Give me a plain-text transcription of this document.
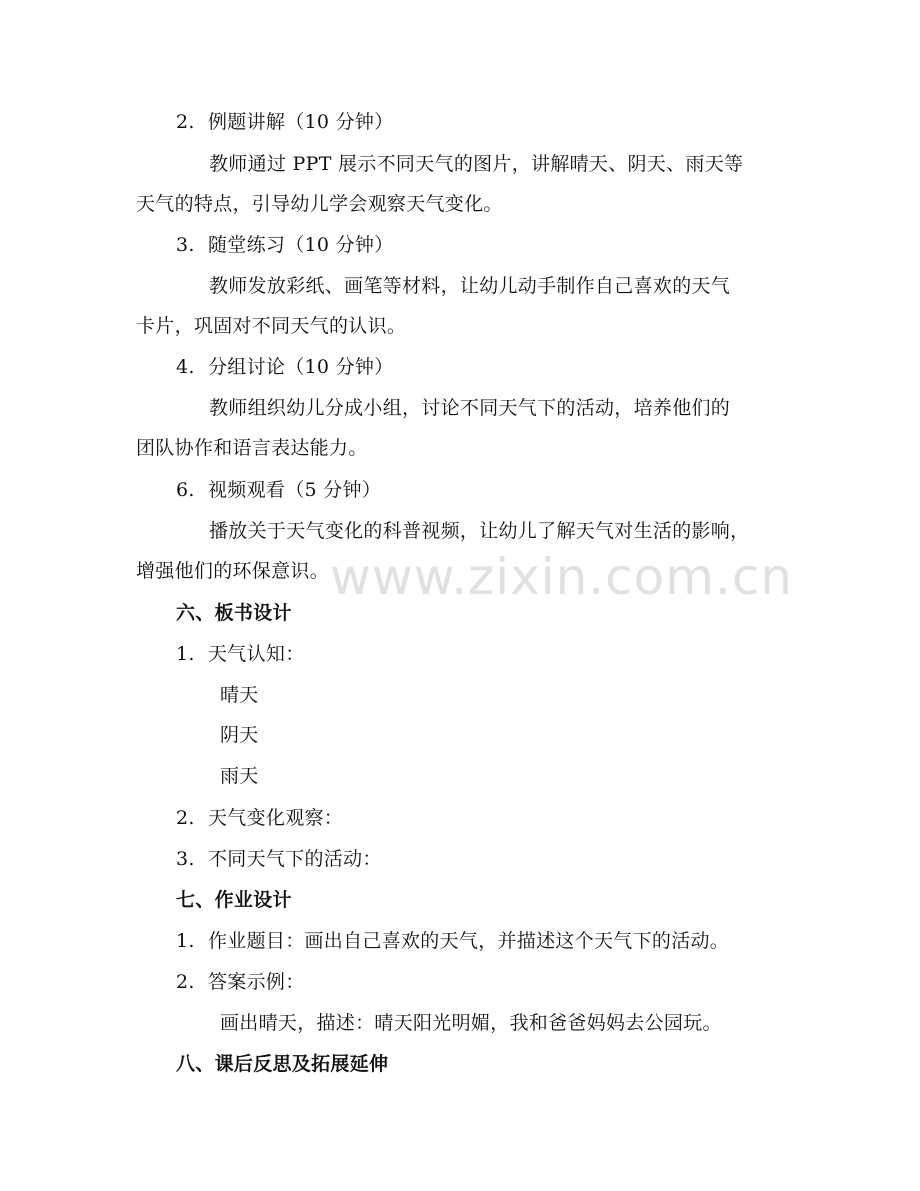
2. 例题讲解（10 分钟）
教师通过 PPT 展示不同天气的图片，讲解晴天、阴天、雨天等
天气的特点，引导幼儿学会观察天气变化。
3. 随堂练习（10 分钟）
教师发放彩纸、画笔等材料，让幼儿动手制作自己喜欢的天气
卡片，巩固对不同天气的认识。
4. 分组讨论（10 分钟）
教师组织幼儿分成小组，讨论不同天气下的活动，培养他们的
团队协作和语言表达能力。
6. 视频观看（5 分钟）
播放关于天气变化的科普视频，让幼儿了解天气对生活的影响，
增强他们的环保意识。 www.zixin.com.cn
六、板书设计
1. 天气认知：
晴天
阴天
雨天
2. 天气变化观察：
3. 不同天气下的活动：
七、作业设计
1. 作业题目：画出自己喜欢的天气，并描述这个天气下的活动。
2. 答案示例：
画出晴天，描述：晴天阳光明媚，我和爸爸妈妈去公园玩。
八、课后反思及拓展延伸
